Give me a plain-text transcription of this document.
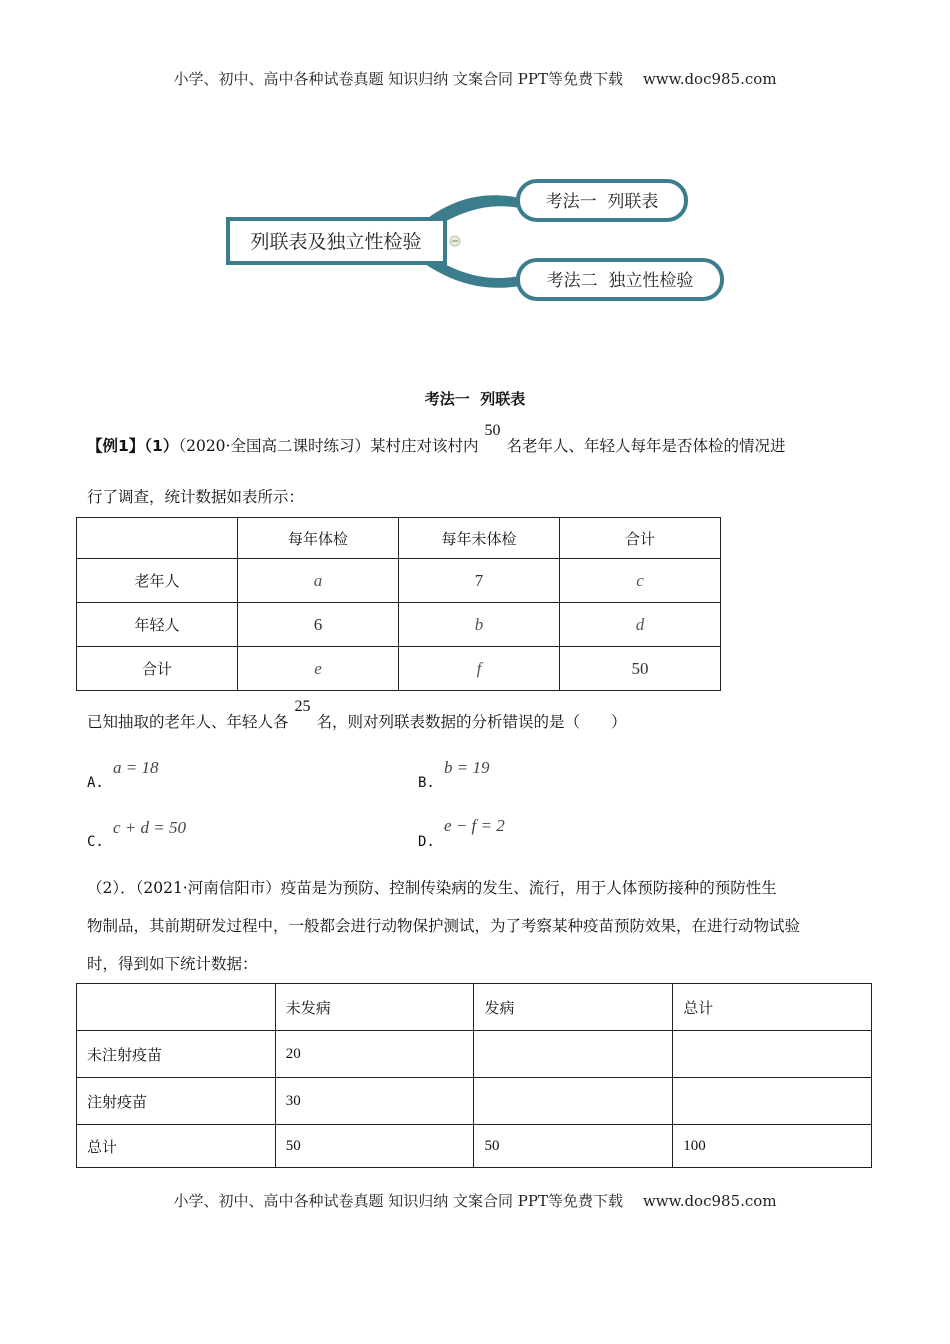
小学、初中、高中各种试卷真题 知识归纳 文案合同 PPT等免费下载 www.doc985.com
列联表及独立性检验
考法一  列联表
考法二  独立性检验
考法一  列联表
【例1】（1）（2020·全国高二课时练习）某村庄对该村内50名老年人、年轻人每年是否体检的情况进
行了调查，统计数据如表所示：
	每年体检	每年未体检	合计
老年人	a	7	c
年轻人	6	b	d
合计	e	f	50
已知抽取的老年人、年轻人各25名，则对列联表数据的分析错误的是（　　）
a = 18
A.
b = 19
B.
c + d = 50
C.
e − f = 2
D.
（2）．（2021·河南信阳市）疫苗是为预防、控制传染病的发生、流行，用于人体预防接种的预防性生
物制品，其前期研发过程中，一般都会进行动物保护测试，为了考察某种疫苗预防效果，在进行动物试验
时，得到如下统计数据：
	未发病	发病	总计
未注射疫苗	20		
注射疫苗	30		
总计	50	50	100
小学、初中、高中各种试卷真题 知识归纳 文案合同 PPT等免费下载 www.doc985.com
